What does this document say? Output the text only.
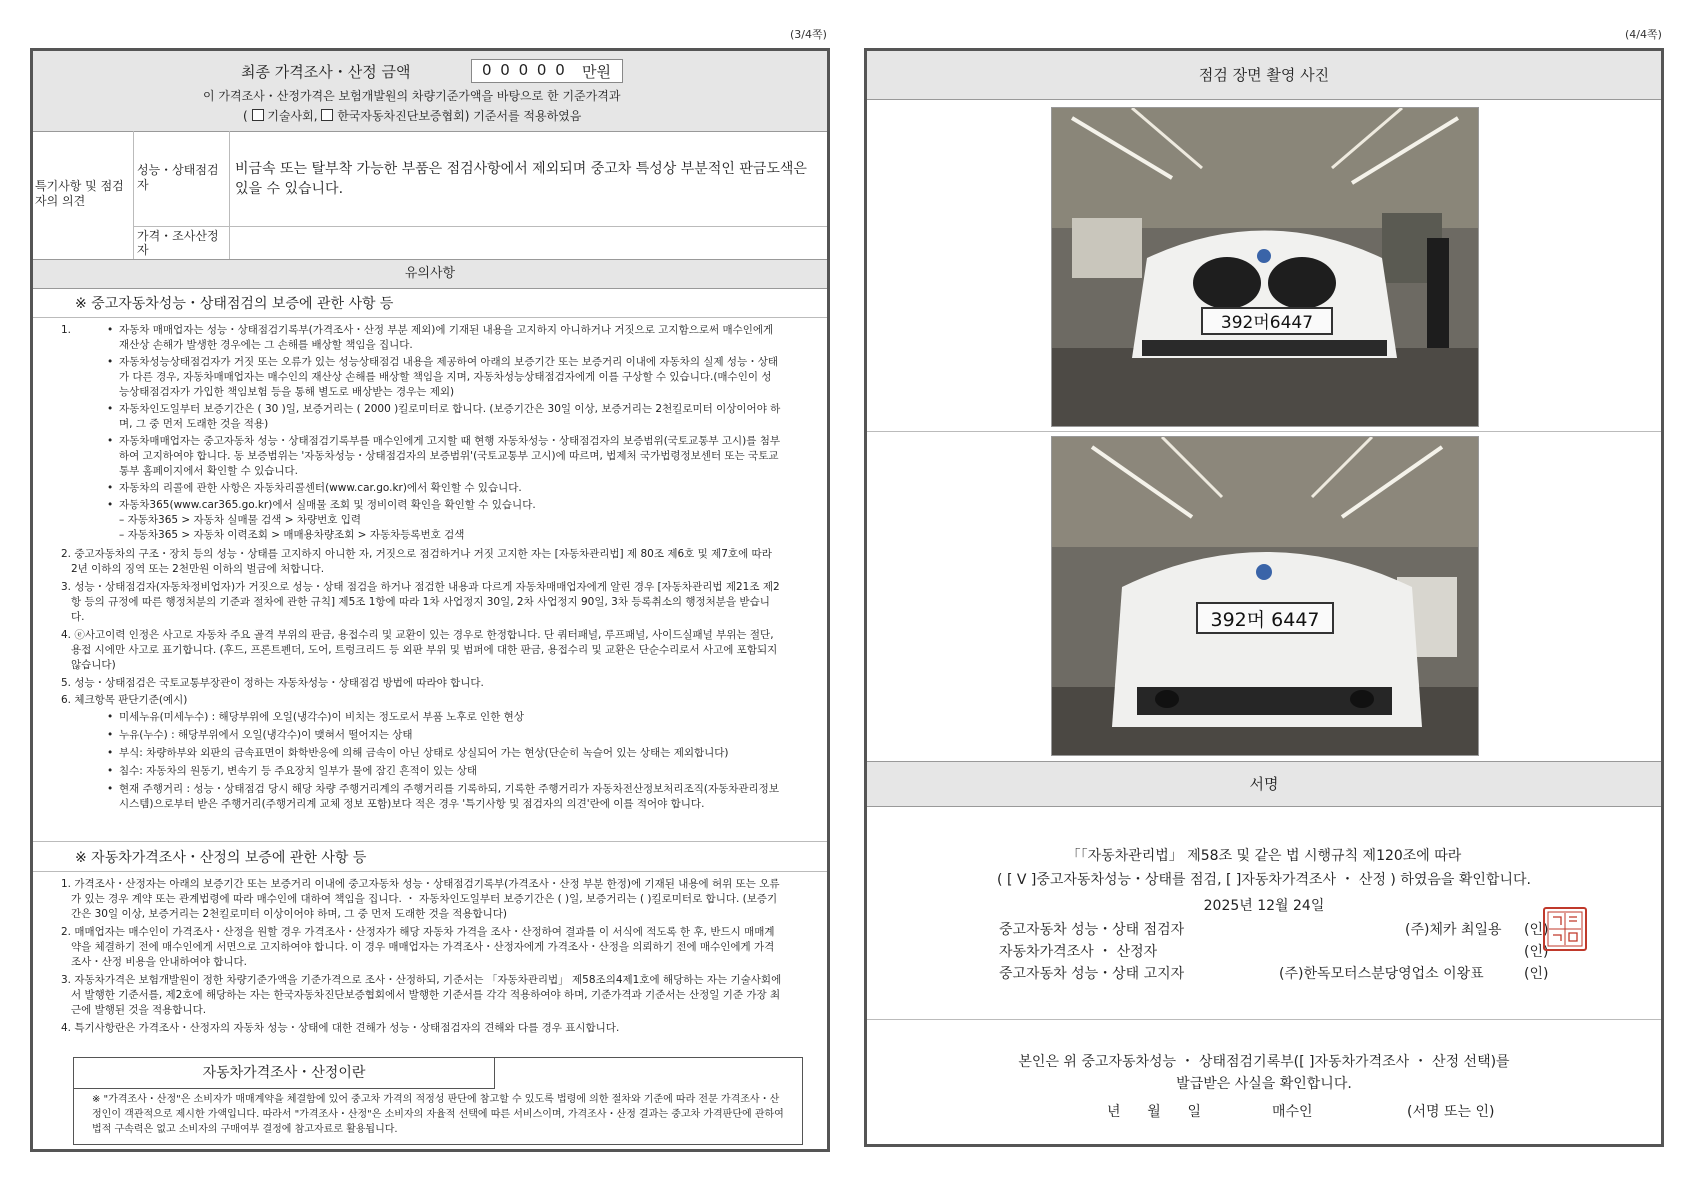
(3/4쪽)	(4/4쪽)
최종 가격조사・산정 금액	0 0 0 0 0 만원
이 가격조사・산정가격은 보험개발원의 차량기준가액을 바탕으로 한 기준가격과
( 기술사회, 한국자동차진단보증협회) 기준서를 적용하였음
특기사항 및 점검자의 의견
성능・상태점검자
비금속 또는 탈부착 가능한 부품은 점검사항에서 제외되며 중고차 특성상 부분적인 판금도색은 있을 수 있습니다.
가격・조사산정자
유의사항
※ 중고자동차성능・상태점검의 보증에 관한 사항 등
1.
•	자동차 매매업자는 성능・상태점검기록부(가격조사・산정 부분 제외)에 기재된 내용을 고지하지 아니하거나 거짓으로 고지함으로써 매수인에게 재산상 손해가 발생한 경우에는 그 손해를 배상할 책임을 집니다.
• 자동차성능상태점검자가 거짓 또는 오류가 있는 성능상태점검 내용을 제공하여 아래의 보증기간 또는 보증거리 이내에 자동차의 실제 성능・상태가 다른 경우, 자동차매매업자는 매수인의 재산상 손해를 배상할 책임을 지며, 자동차성능상태점검자에게 이를 구상할 수 있습니다.(매수인이 성능상태점검자가 가입한 책임보험 등을 통해 별도로 배상받는 경우는 제외)
• 자동차인도일부터 보증기간은 ( 30 )일, 보증거리는 ( 2000 )킬로미터로 합니다. (보증기간은 30일 이상, 보증거리는 2천킬로미터 이상이어야 하며, 그 중 먼저 도래한 것을 적용)
• 자동차매매업자는 중고자동차 성능・상태점검기록부를 매수인에게 고지할 때 현행 자동차성능・상태점검자의 보증범위(국토교통부 고시)를 첨부하여 고지하여야 합니다. 동 보증범위는 '자동차성능・상태점검자의 보증범위'(국토교통부 고시)에 따르며, 법제처 국가법령정보센터 또는 국토교통부 홈페이지에서 확인할 수 있습니다.
• 자동차의 리콜에 관한 사항은 자동차리콜센터(www.car.go.kr)에서 확인할 수 있습니다.
• 자동차365(www.car365.go.kr)에서 실매물 조회 및 정비이력 확인을 확인할 수 있습니다.
– 자동차365 > 자동차 실매물 검색 > 차량번호 입력
– 자동차365 > 자동차 이력조회 > 매매용차량조회 > 자동차등록번호 검색
2. 중고자동차의 구조・장치 등의 성능・상태를 고지하지 아니한 자, 거짓으로 점검하거나 거짓 고지한 자는 [자동차관리법] 제 80조 제6호 및 제7호에 따라 2년 이하의 징역 또는 2천만원 이하의 벌금에 처합니다.
3. 성능・상태점검자(자동차정비업자)가 거짓으로 성능・상태 점검을 하거나 점검한 내용과 다르게 자동차매매업자에게 알린 경우 [자동차관리법 제21조 제2항 등의 규정에 따른 행정처분의 기준과 절차에 관한 규칙] 제5조 1항에 따라 1차 사업정지 30일, 2차 사업정지 90일, 3차 등록취소의 행정처분을 받습니다.
4. ⓔ사고이력 인정은 사고로 자동차 주요 골격 부위의 판금, 용접수리 및 교환이 있는 경우로 한정합니다. 단 쿼터패널, 루프패널, 사이드실패널 부위는 절단, 용접 시에만 사고로 표기합니다. (후드, 프론트펜더, 도어, 트렁크리드 등 외판 부위 및 범퍼에 대한 판금, 용접수리 및 교환은 단순수리로서 사고에 포함되지 않습니다)
5. 성능・상태점검은 국토교통부장관이 정하는 자동차성능・상태점검 방법에 따라야 합니다.
6. 체크항목 판단기준(예시)
• 미세누유(미세누수) : 해당부위에 오일(냉각수)이 비치는 정도로서 부품 노후로 인한 현상
• 누유(누수) : 해당부위에서 오일(냉각수)이 맺혀서 떨어지는 상태
• 부식: 차량하부와 외판의 금속표면이 화학반응에 의해 금속이 아닌 상태로 상실되어 가는 현상(단순히 녹슬어 있는 상태는 제외합니다)
• 침수: 자동차의 원동기, 변속기 등 주요장치 일부가 물에 잠긴 흔적이 있는 상태
• 현재 주행거리 : 성능・상태점검 당시 해당 차량 주행거리계의 주행거리를 기록하되, 기록한 주행거리가 자동차전산정보처리조직(자동차관리정보시스템)으로부터 받은 주행거리(주행거리계 교체 정보 포함)보다 적은 경우 '특기사항 및 점검자의 의견'란에 이를 적어야 합니다.
※ 자동차가격조사・산정의 보증에 관한 사항 등
1. 가격조사・산정자는 아래의 보증기간 또는 보증거리 이내에 중고자동차 성능・상태점검기록부(가격조사・산정 부분 한정)에 기재된 내용에 허위 또는 오류가 있는 경우 계약 또는 관계법령에 따라 매수인에 대하여 책임을 집니다. ・ 자동차인도일부터 보증기간은 ( )일, 보증거리는 ( )킬로미터로 합니다. (보증기간은 30일 이상, 보증거리는 2천킬로미터 이상이어야 하며, 그 중 먼저 도래한 것을 적용합니다)
2. 매매업자는 매수인이 가격조사・산정을 원할 경우 가격조사・산정자가 해당 자동차 가격을 조사・산정하여 결과를 이 서식에 적도록 한 후, 반드시 매매계약을 체결하기 전에 매수인에게 서면으로 고지하여야 합니다. 이 경우 매매업자는 가격조사・산정자에게 가격조사・산정을 의뢰하기 전에 매수인에게 가격조사・산정 비용을 안내하여야 합니다.
3. 자동차가격은 보험개발원이 정한 차량기준가액을 기준가격으로 조사・산정하되, 기준서는 「자동차관리법」 제58조의4제1호에 해당하는 자는 기술사회에서 발행한 기준서를, 제2호에 해당하는 자는 한국자동차진단보증협회에서 발행한 기준서를 각각 적용하여야 하며, 기준가격과 기준서는 산정일 기준 가장 최근에 발행된 것을 적용합니다.
4. 특기사항란은 가격조사・산정자의 자동차 성능・상태에 대한 견해가 성능・상태점검자의 견해와 다를 경우 표시합니다.
자동차가격조사・산정이란
※ "가격조사・산정"은 소비자가 매매계약을 체결함에 있어 중고차 가격의 적정성 판단에 참고할 수 있도록 법령에 의한 절차와 기준에 따라 전문 가격조사・산정인이 객관적으로 제시한 가액입니다. 따라서 "가격조사・산정"은 소비자의 자율적 선택에 따른 서비스이며, 가격조사・산정 결과는 중고차 가격판단에 관하여 법적 구속력은 없고 소비자의 구매여부 결정에 참고자료로 활용됩니다.
점검 장면 촬영 사진
392머6447
392머 6447
서명
「「자동차관리법」 제58조 및 같은 법 시행규칙 제120조에 따라
( [ V ]중고자동차성능・상태를 점검, [ ]자동차가격조사 ・ 산정 ) 하였음을 확인합니다.
2025년 12월 24일
중고자동차 성능・상태 점검자	(주)체카 최일용 (인)
자동차가격조사 ・ 산정자	(인)
중고자동차 성능・상태 고지자	(주)한독모터스분당영업소 이왕표	(인)
본인은 위 중고자동차성능 ・ 상태점검기록부([ ]자동차가격조사 ・ 산정 선택)를
발급받은 사실을 확인합니다.
년      월      일	매수인	(서명 또는 인)
